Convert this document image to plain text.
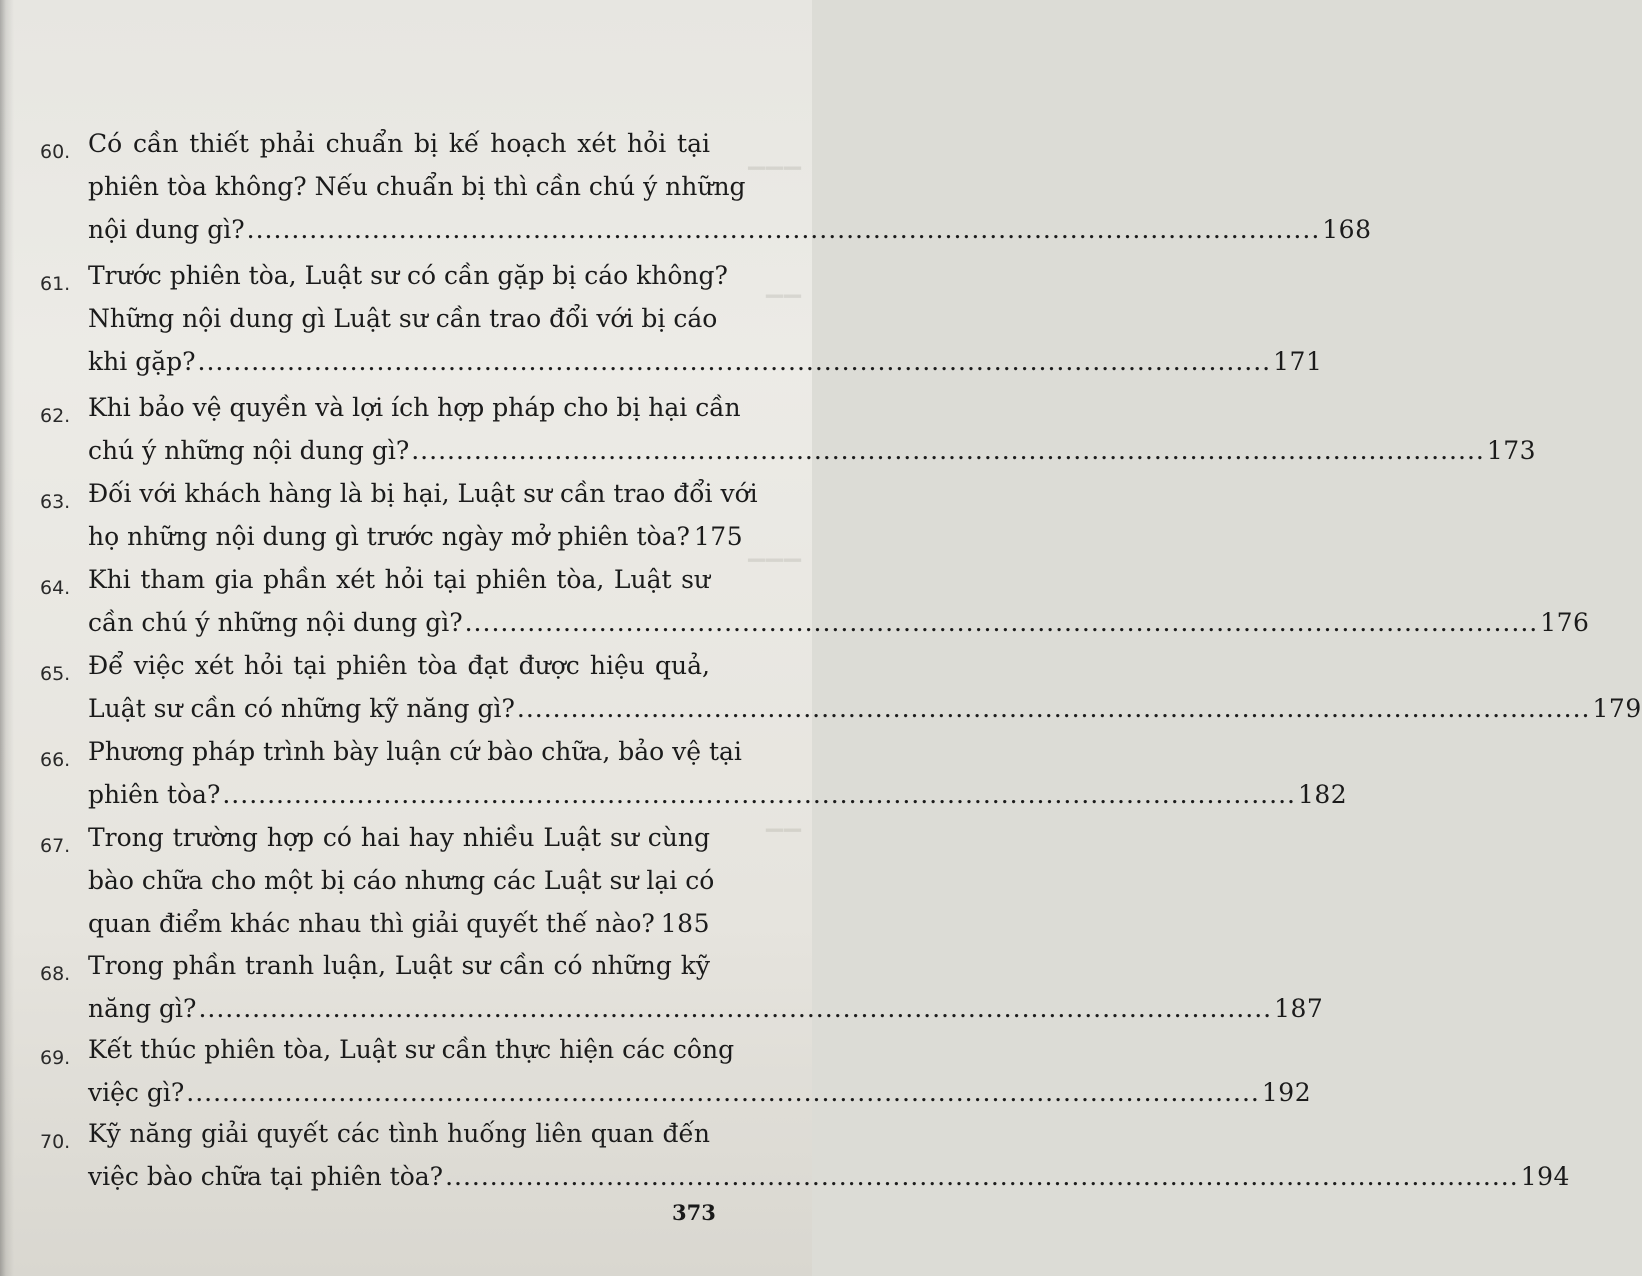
▔▔▔
▔▔
▔▔▔
▔▔
60. Có cần thiết phải chuẩn bị kế hoạch xét hỏi tại
phiên tòa không? Nếu chuẩn bị thì cần chú ý những
nội dung gì? ........................................................................................................................ 168
61. Trước phiên tòa, Luật sư có cần gặp bị cáo không?
Những nội dung gì Luật sư cần trao đổi với bị cáo
khi gặp? ........................................................................................................................ 171
62. Khi bảo vệ quyền và lợi ích hợp pháp cho bị hại cần
chú ý những nội dung gì? ........................................................................................................................ 173
63. Đối với khách hàng là bị hại, Luật sư cần trao đổi với
họ những nội dung gì trước ngày mở phiên tòa? 175
64. Khi tham gia phần xét hỏi tại phiên tòa, Luật sư
cần chú ý những nội dung gì? ........................................................................................................................ 176
65. Để việc xét hỏi tại phiên tòa đạt được hiệu quả,
Luật sư cần có những kỹ năng gì? ........................................................................................................................ 179
66. Phương pháp trình bày luận cứ bào chữa, bảo vệ tại
phiên tòa? ........................................................................................................................ 182
67. Trong trường hợp có hai hay nhiều Luật sư cùng
bào chữa cho một bị cáo nhưng các Luật sư lại có
quan điểm khác nhau thì giải quyết thế nào? 185
68. Trong phần tranh luận, Luật sư cần có những kỹ
năng gì? ........................................................................................................................ 187
69. Kết thúc phiên tòa, Luật sư cần thực hiện các công
việc gì? ........................................................................................................................ 192
70. Kỹ năng giải quyết các tình huống liên quan đến
việc bào chữa tại phiên tòa? ........................................................................................................................ 194
373
